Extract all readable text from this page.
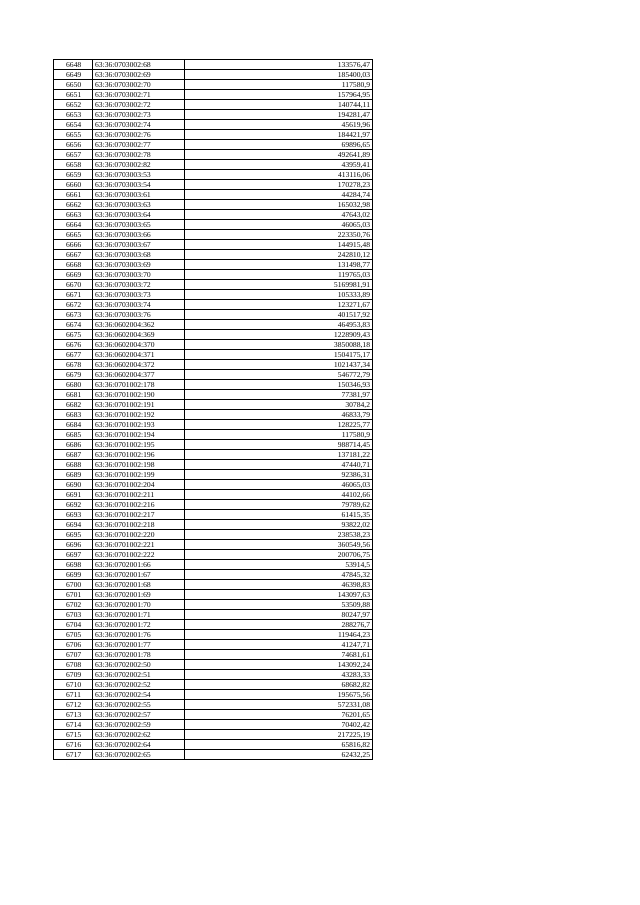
6648	63:36:0703002:68	133576,47
6649	63:36:0703002:69	185400,03
6650	63:36:0703002:70	117580,9
6651	63:36:0703002:71	157964,95
6652	63:36:0703002:72	140744,11
6653	63:36:0703002:73	194281,47
6654	63:36:0703002:74	45619,96
6655	63:36:0703002:76	184421,97
6656	63:36:0703002:77	69896,65
6657	63:36:0703002:78	492641,89
6658	63:36:0703002:82	43959,41
6659	63:36:0703003:53	413116,06
6660	63:36:0703003:54	170278,23
6661	63:36:0703003:61	44284,74
6662	63:36:0703003:63	165032,98
6663	63:36:0703003:64	47643,02
6664	63:36:0703003:65	46065,03
6665	63:36:0703003:66	223350,76
6666	63:36:0703003:67	144915,48
6667	63:36:0703003:68	242810,12
6668	63:36:0703003:69	131498,77
6669	63:36:0703003:70	119765,03
6670	63:36:0703003:72	5169981,91
6671	63:36:0703003:73	105333,89
6672	63:36:0703003:74	123271,67
6673	63:36:0703003:76	401517,92
6674	63:36:0602004:362	464953,83
6675	63:36:0602004:369	1228909,43
6676	63:36:0602004:370	3850088,18
6677	63:36:0602004:371	1504175,17
6678	63:36:0602004:372	1021437,34
6679	63:36:0602004:377	546772,79
6680	63:36:0701002:178	150346,93
6681	63:36:0701002:190	77381,97
6682	63:36:0701002:191	30784,2
6683	63:36:0701002:192	46833,79
6684	63:36:0701002:193	128225,77
6685	63:36:0701002:194	117580,9
6686	63:36:0701002:195	988714,45
6687	63:36:0701002:196	137181,22
6688	63:36:0701002:198	47440,71
6689	63:36:0701002:199	92386,31
6690	63:36:0701002:204	46065,03
6691	63:36:0701002:211	44102,66
6692	63:36:0701002:216	79789,62
6693	63:36:0701002:217	61415,35
6694	63:36:0701002:218	93822,02
6695	63:36:0701002:220	238538,23
6696	63:36:0701002:221	360549,56
6697	63:36:0701002:222	200706,75
6698	63:36:0702001:66	53914,5
6699	63:36:0702001:67	47845,32
6700	63:36:0702001:68	46398,83
6701	63:36:0702001:69	143097,63
6702	63:36:0702001:70	53509,88
6703	63:36:0702001:71	80247,97
6704	63:36:0702001:72	288276,7
6705	63:36:0702001:76	119464,23
6706	63:36:0702001:77	41247,71
6707	63:36:0702001:78	74681,61
6708	63:36:0702002:50	143092,24
6709	63:36:0702002:51	43283,33
6710	63:36:0702002:52	68682,82
6711	63:36:0702002:54	195675,56
6712	63:36:0702002:55	572331,08
6713	63:36:0702002:57	76201,65
6714	63:36:0702002:59	70402,42
6715	63:36:0702002:62	217225,19
6716	63:36:0702002:64	65816,82
6717	63:36:0702002:65	62432,25
